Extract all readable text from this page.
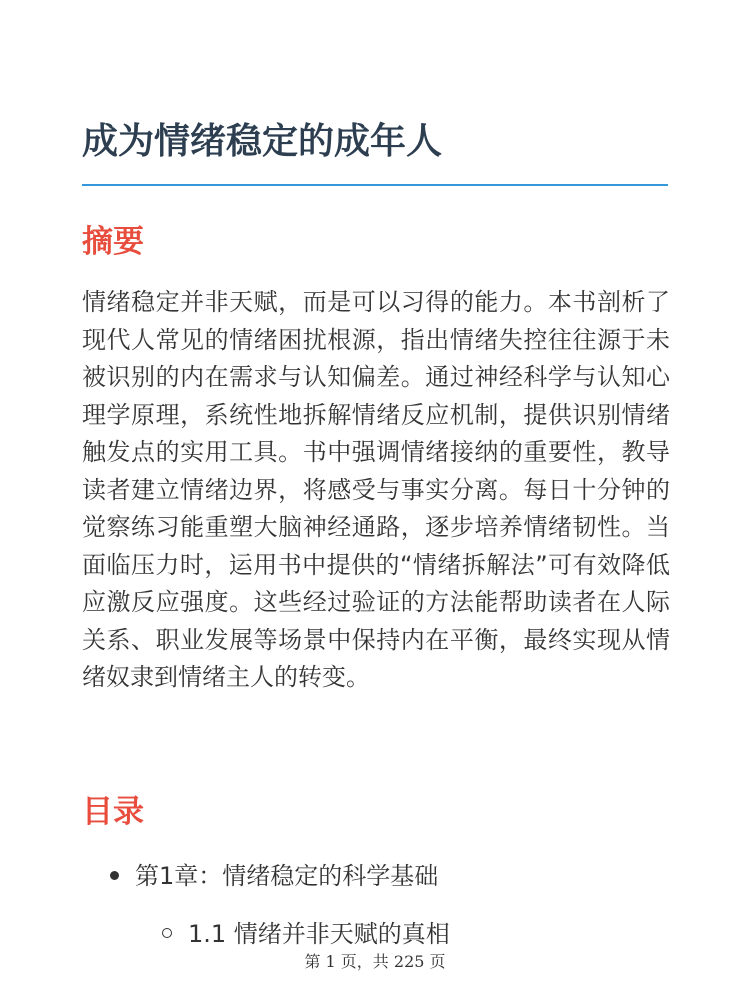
成为情绪稳定的成年人
摘要

情绪稳定并非天赋，而是可以习得的能力。本书剖析了现代人常见的情绪困扰根源，指出情绪失控往往源于未被识别的内在需求与认知偏差。通过神经科学与认知心理学原理，系统性地拆解情绪反应机制，提供识别情绪触发点的实用工具。书中强调情绪接纳的重要性，教导读者建立情绪边界，将感受与事实分离。每日十分钟的觉察练习能重塑大脑神经通路，逐步培养情绪韧性。当面临压力时，运用书中提供的“情绪拆解法”可有效降低应激反应强度。这些经过验证的方法能帮助读者在人际关系、职业发展等场景中保持内在平衡，最终实现从情绪奴隶到情绪主人的转变。

目录
第1章：情绪稳定的科学基础
1.1 情绪并非天赋的真相
第 1 页，共 225 页
